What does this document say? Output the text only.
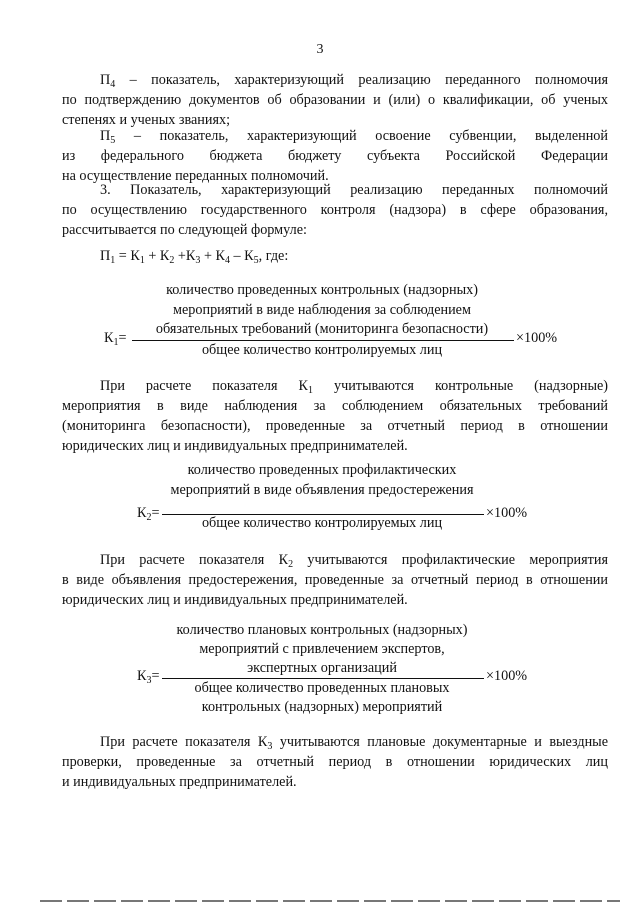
3
$П_4$ – показатель, характеризующий реализацию переданного полномочия
по подтверждению документов об образовании и (или) о квалификации, об ученых
степенях и ученых званиях;
$П_5$ – показатель, характеризующий освоение субвенции, выделенной
из федерального бюджета бюджету субъекта Российской Федерации
на осуществление переданных полномочий.
3. Показатель, характеризующий реализацию переданных полномочий
по осуществлению государственного контроля (надзора) в сфере образования,
рассчитывается по следующей формуле:
$П_1 = К_1 + К_2 +К_3 + К_4 - К_5$, где:
количество проведенных контрольных (надзорных)
мероприятий в виде наблюдения за соблюдением
обязательных требований (мониторинга безопасности)
$К_1=$	×100%
общее количество контролируемых лиц
При расчете показателя $К_1$ учитываются контрольные (надзорные)
мероприятия в виде наблюдения за соблюдением обязательных требований
(мониторинга безопасности), проведенные за отчетный период в отношении
юридических лиц и индивидуальных предпринимателей.
количество проведенных профилактических
мероприятий в виде объявления предостережения
$К_2=$	×100%
общее количество контролируемых лиц
При расчете показателя $К_2$ учитываются профилактические мероприятия
в виде объявления предостережения, проведенные за отчетный период в отношении
юридических лиц и индивидуальных предпринимателей.
количество плановых контрольных (надзорных)
мероприятий с привлечением экспертов,
экспертных организаций
$К_3=$	×100%
общее количество проведенных плановых
контрольных (надзорных) мероприятий
При расчете показателя $К_3$ учитываются плановые документарные и выездные
проверки, проведенные за отчетный период в отношении юридических лиц
и индивидуальных предпринимателей.
